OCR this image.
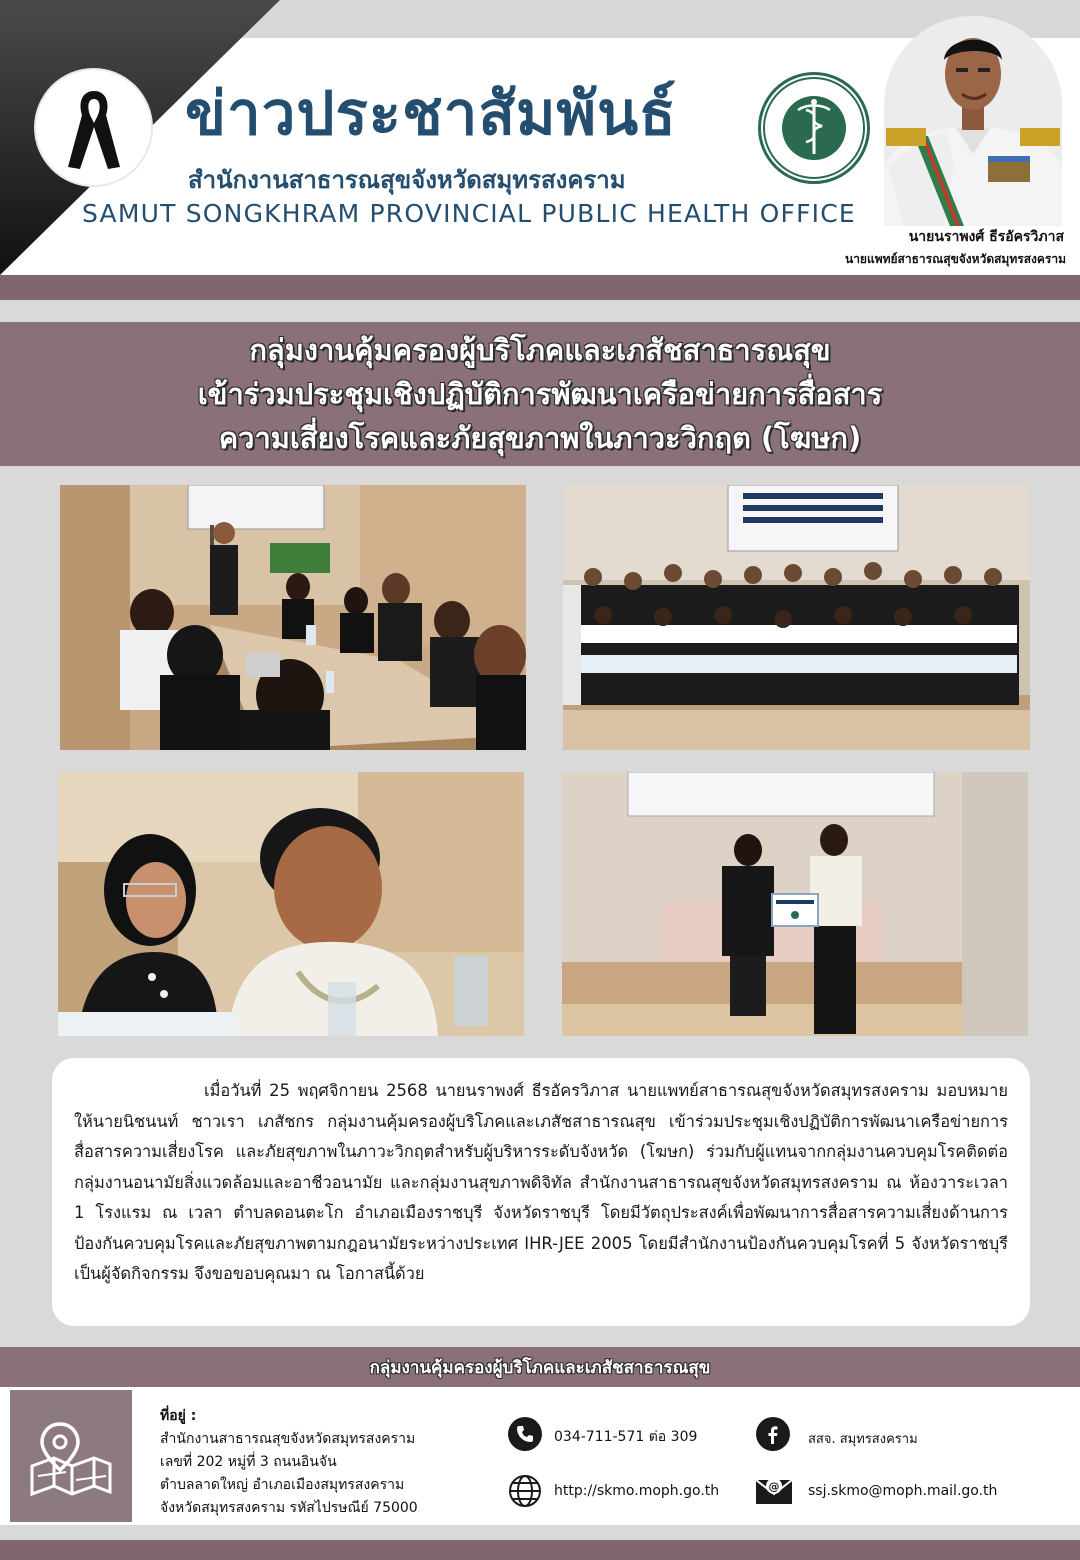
ข่าวประชาสัมพันธ์
สำนักงานสาธารณสุขจังหวัดสมุทรสงคราม
SAMUT SONGKHRAM PROVINCIAL PUBLIC HEALTH OFFICE
นายนราพงศ์ ธีรอัครวิภาส
นายแพทย์สาธารณสุขจังหวัดสมุทรสงคราม
กลุ่มงานคุ้มครองผู้บริโภคและเภสัชสาธารณสุข
เข้าร่วมประชุมเชิงปฏิบัติการพัฒนาเครือข่ายการสื่อสาร
ความเสี่ยงโรคและภัยสุขภาพในภาวะวิกฤต (โฆษก)

เมื่อวันที่ 25 พฤศจิกายน 2568 นายนราพงศ์ ธีรอัครวิภาส นายแพทย์สาธารณสุขจังหวัดสมุทรสงคราม มอบหมายให้นายนิชนนท์ ชาวเรา เภสัชกร กลุ่มงานคุ้มครองผู้บริโภคและเภสัชสาธารณสุข เข้าร่วมประชุมเชิงปฏิบัติการพัฒนาเครือข่ายการสื่อสารความเสี่ยงโรค และภัยสุขภาพในภาวะวิกฤตสำหรับผู้บริหารระดับจังหวัด (โฆษก) ร่วมกับผู้แทนจากกลุ่มงานควบคุมโรคติดต่อ กลุ่มงานอนามัยสิ่งแวดล้อมและอาชีวอนามัย และกลุ่มงานสุขภาพดิจิทัล สำนักงานสาธารณสุขจังหวัดสมุทรสงคราม ณ ห้องวาระเวลา 1 โรงแรม ณ เวลา ตำบลดอนตะโก อำเภอเมืองราชบุรี จังหวัดราชบุรี โดยมีวัตถุประสงค์เพื่อพัฒนาการสื่อสารความเสี่ยงด้านการป้องกันควบคุมโรคและภัยสุขภาพตามกฎอนามัยระหว่างประเทศ IHR-JEE 2005 โดยมีสำนักงานป้องกันควบคุมโรคที่ 5 จังหวัดราชบุรี เป็นผู้จัดกิจกรรม จึงขอขอบคุณมา ณ โอกาสนี้ด้วย

กลุ่มงานคุ้มครองผู้บริโภคและเภสัชสาธารณสุข
ที่อยู่ :
สำนักงานสาธารณสุขจังหวัดสมุทรสงคราม
เลขที่ 202 หมู่ที่ 3 ถนนอินจัน
ตำบลลาดใหญ่ อำเภอเมืองสมุทรสงคราม
จังหวัดสมุทรสงคราม รหัสไปรษณีย์ 75000
034-711-571 ต่อ 309	สสจ. สมุทรสงคราม
http://skmo.moph.go.th	@ ssj.skmo@moph.mail.go.th
